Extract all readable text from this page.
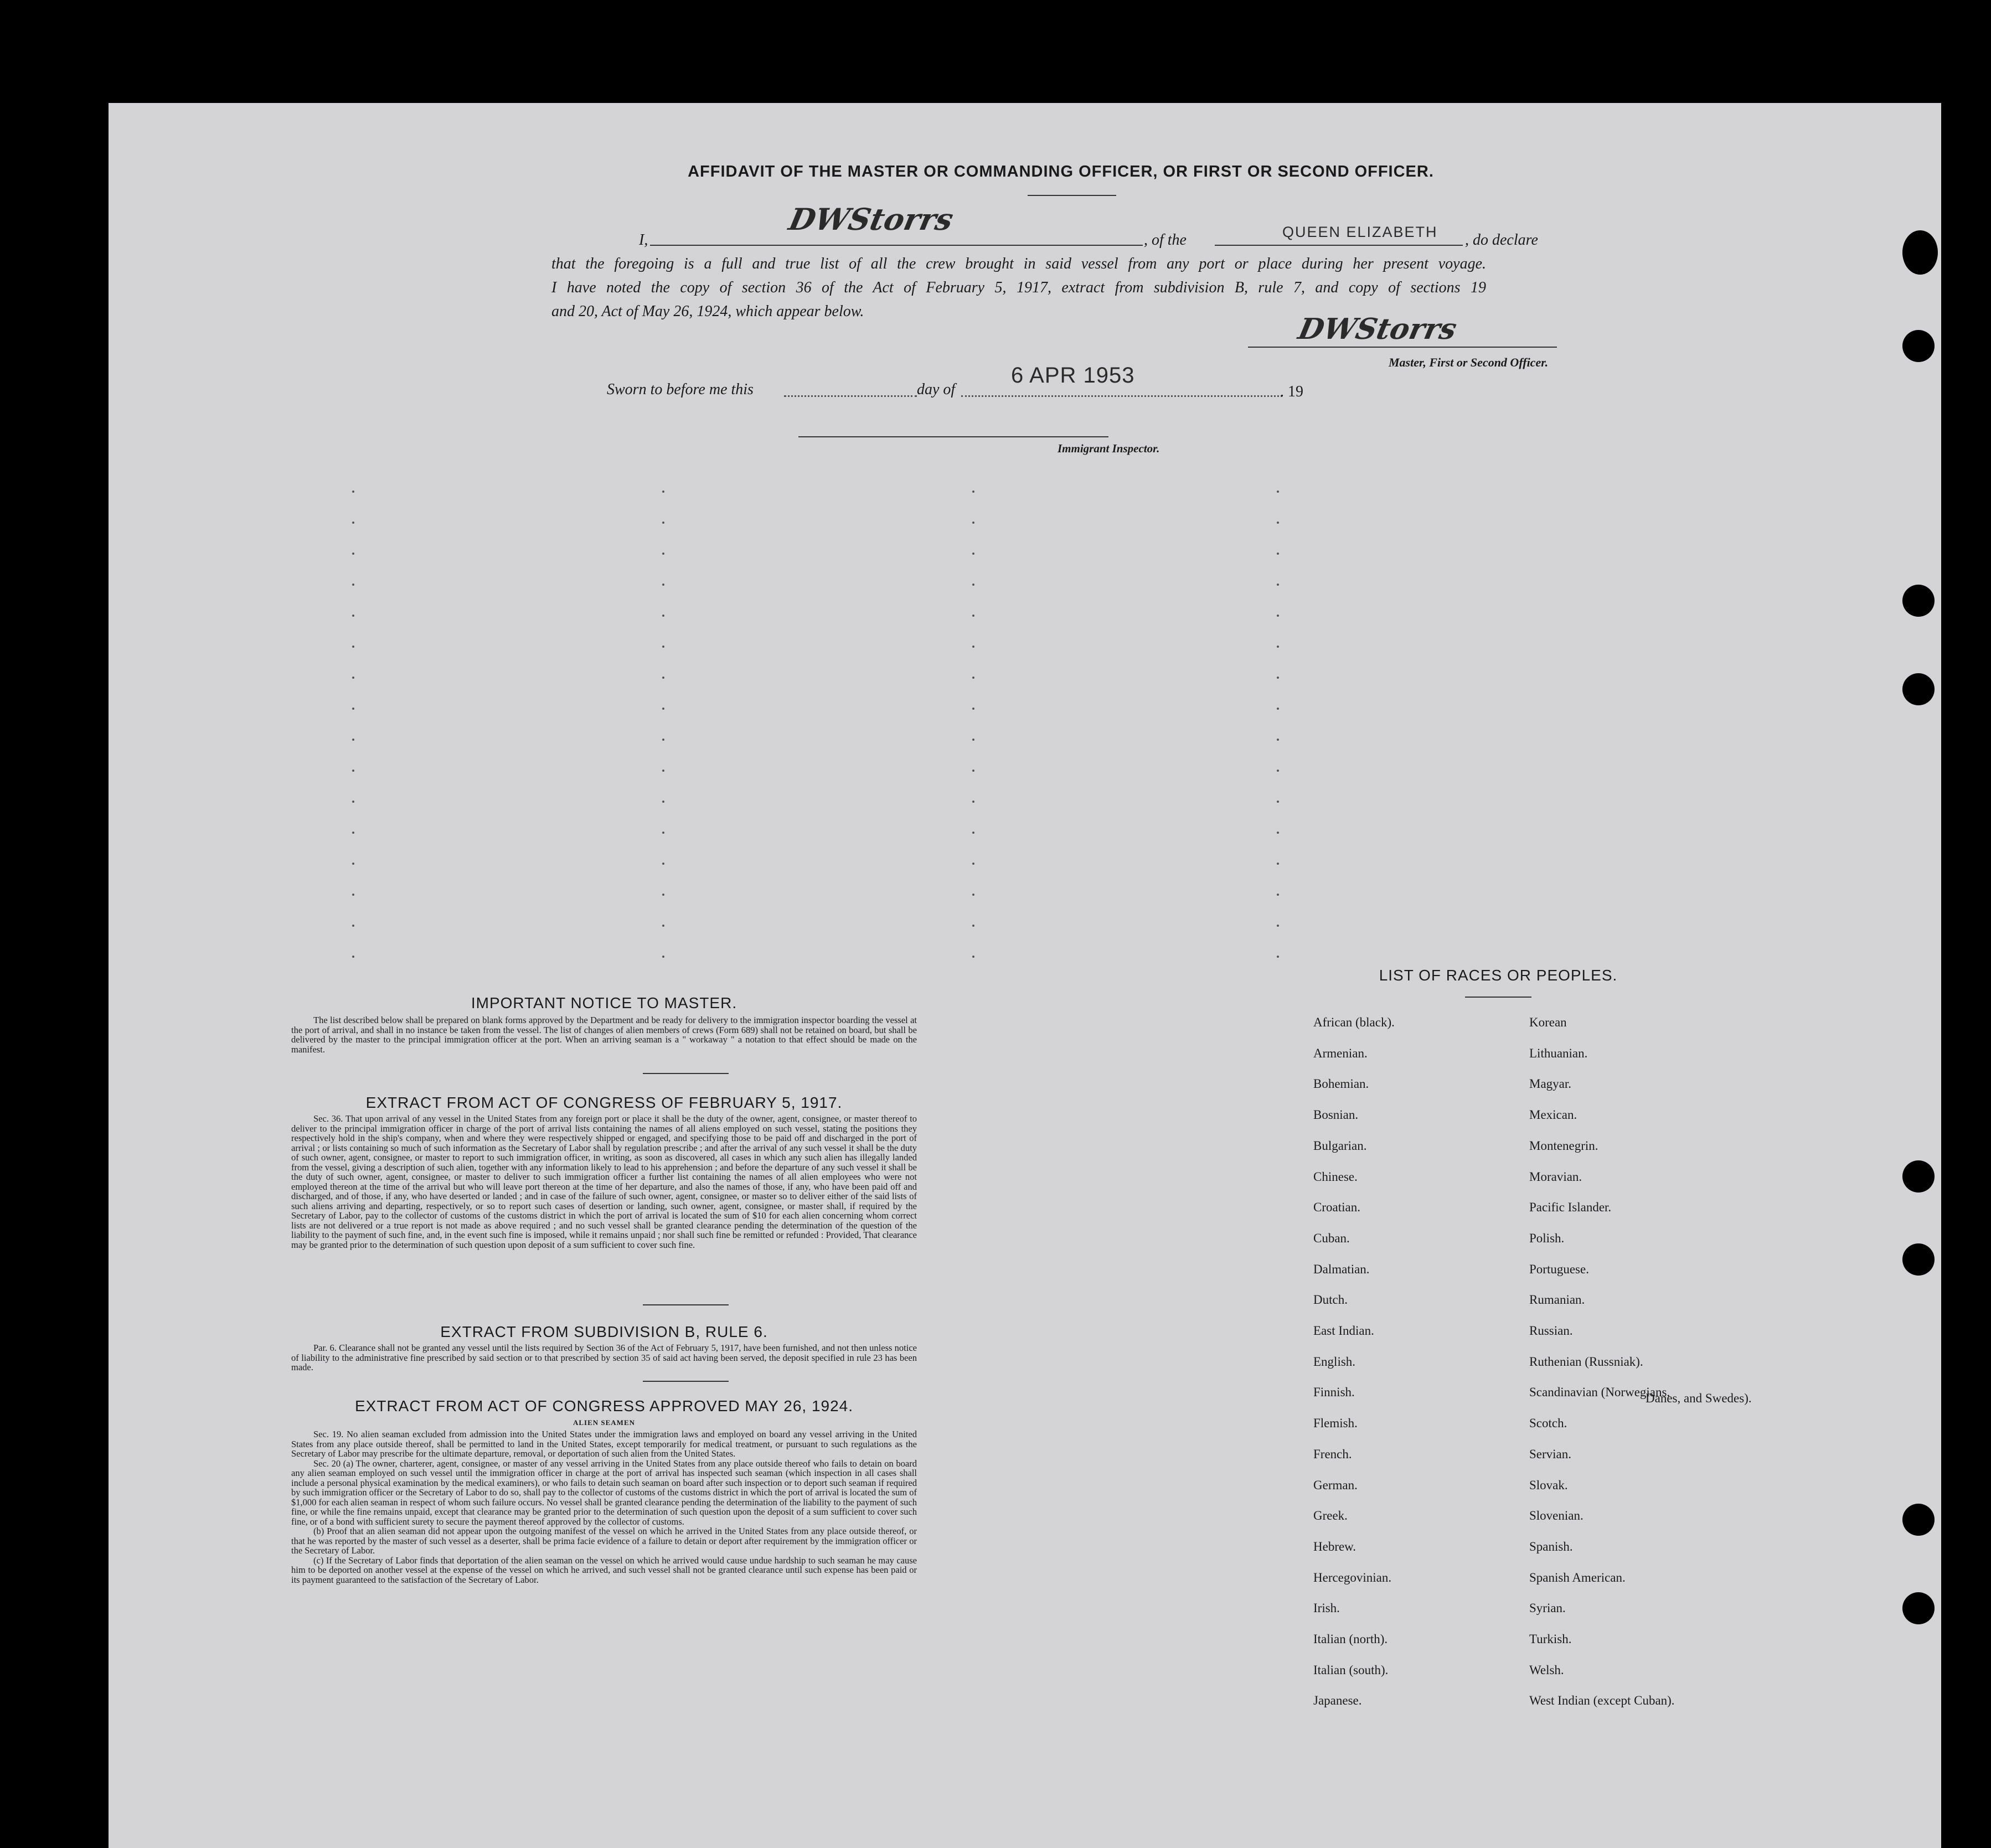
AFFIDAVIT OF THE MASTER OR COMMANDING OFFICER, OR FIRST OR SECOND OFFICER.
I,
DWStorrs
, of the	QUEEN ELIZABETH , do declare
that the foregoing is a full and true list of all the crew brought in said vessel from any port or place during her present voyage.
I have noted the copy of section 36 of the Act of February 5, 1917, extract from subdivision B, rule 7, and copy of sections 19
and 20, Act of May 26, 1924, which appear below.
DWStorrs
Master, First or Second Officer.
Sworn to before me this	day of
6 APR 1953
. 19
Immigrant Inspector.
IMPORTANT NOTICE TO MASTER.
The list described below shall be prepared on blank forms approved by the Department and be ready for delivery to the immigration inspector boarding the vessel at the port of arrival, and shall in no instance be taken from the vessel. The list of changes of alien members of crews (Form 689) shall not be retained on board, but shall be delivered by the master to the principal immigration officer at the port. When an arriving seaman is a " workaway " a notation to that effect should be made on the manifest.
EXTRACT FROM ACT OF CONGRESS OF FEBRUARY 5, 1917.
Sec. 36. That upon arrival of any vessel in the United States from any foreign port or place it shall be the duty of the owner, agent, consignee, or master thereof to deliver to the principal immigration officer in charge of the port of arrival lists containing the names of all aliens employed on such vessel, stating the positions they respectively hold in the ship's company, when and where they were respectively shipped or engaged, and specifying those to be paid off and discharged in the port of arrival ; or lists containing so much of such information as the Secretary of Labor shall by regulation prescribe ; and after the arrival of any such vessel it shall be the duty of such owner, agent, consignee, or master to report to such immigration officer, in writing, as soon as discovered, all cases in which any such alien has illegally landed from the vessel, giving a description of such alien, together with any information likely to lead to his apprehension ; and before the departure of any such vessel it shall be the duty of such owner, agent, consignee, or master to deliver to such immigration officer a further list containing the names of all alien employees who were not employed thereon at the time of the arrival but who will leave port thereon at the time of her departure, and also the names of those, if any, who have been paid off and discharged, and of those, if any, who have deserted or landed ; and in case of the failure of such owner, agent, consignee, or master so to deliver either of the said lists of such aliens arriving and departing, respectively, or so to report such cases of desertion or landing, such owner, agent, consignee, or master shall, if required by the Secretary of Labor, pay to the collector of customs of the customs district in which the port of arrival is located the sum of $10 for each alien concerning whom correct lists are not delivered or a true report is not made as above required ; and no such vessel shall be granted clearance pending the determination of the question of the liability to the payment of such fine, and, in the event such fine is imposed, while it remains unpaid ; nor shall such fine be remitted or refunded : Provided, That clearance may be granted prior to the determination of such question upon deposit of a sum sufficient to cover such fine.
EXTRACT FROM SUBDIVISION B, RULE 6.
Par. 6. Clearance shall not be granted any vessel until the lists required by Section 36 of the Act of February 5, 1917, have been furnished, and not then unless notice of liability to the administrative fine prescribed by said section or to that prescribed by section 35 of said act having been served, the deposit specified in rule 23 has been made.
EXTRACT FROM ACT OF CONGRESS APPROVED MAY 26, 1924.
ALIEN SEAMEN
Sec. 19. No alien seaman excluded from admission into the United States under the immigration laws and employed on board any vessel arriving in the United States from any place outside thereof, shall be permitted to land in the United States, except temporarily for medical treatment, or pursuant to such regulations as the Secretary of Labor may prescribe for the ultimate departure, removal, or deportation of such alien from the United States.
Sec. 20 (a) The owner, charterer, agent, consignee, or master of any vessel arriving in the United States from any place outside thereof who fails to detain on board any alien seaman employed on such vessel until the immigration officer in charge at the port of arrival has inspected such seaman (which inspection in all cases shall include a personal physical examination by the medical examiners), or who fails to detain such seaman on board after such inspection or to deport such seaman if required by such immigration officer or the Secretary of Labor to do so, shall pay to the collector of customs of the customs district in which the port of arrival is located the sum of $1,000 for each alien seaman in respect of whom such failure occurs. No vessel shall be granted clearance pending the determination of the liability to the payment of such fine, or while the fine remains unpaid, except that clearance may be granted prior to the determination of such question upon the deposit of a sum sufficient to cover such fine, or of a bond with sufficient surety to secure the payment thereof approved by the collector of customs.
(b) Proof that an alien seaman did not appear upon the outgoing manifest of the vessel on which he arrived in the United States from any place outside thereof, or that he was reported by the master of such vessel as a deserter, shall be prima facie evidence of a failure to detain or deport after requirement by the immigration officer or the Secretary of Labor.
(c) If the Secretary of Labor finds that deportation of the alien seaman on the vessel on which he arrived would cause undue hardship to such seaman he may cause him to be deported on another vessel at the expense of the vessel on which he arrived, and such vessel shall not be granted clearance until such expense has been paid or its payment guaranteed to the satisfaction of the Secretary of Labor.
LIST OF RACES OR PEOPLES.
Danes, and Swedes).
African (black).
Armenian.
Bohemian.
Bosnian.
Bulgarian.
Chinese.
Croatian.
Cuban.
Dalmatian.
Dutch.
East Indian.
English.
Finnish.
Flemish.
French.
German.
Greek.
Hebrew.
Hercegovinian.
Irish.
Italian (north).
Italian (south).
Japanese.
Korean
Lithuanian.
Magyar.
Mexican.
Montenegrin.
Moravian.
Pacific Islander.
Polish.
Portuguese.
Rumanian.
Russian.
Ruthenian (Russniak).
Scandinavian (Norwegians,
Scotch.
Servian.
Slovak.
Slovenian.
Spanish.
Spanish American.
Syrian.
Turkish.
Welsh.
West Indian (except Cuban).
